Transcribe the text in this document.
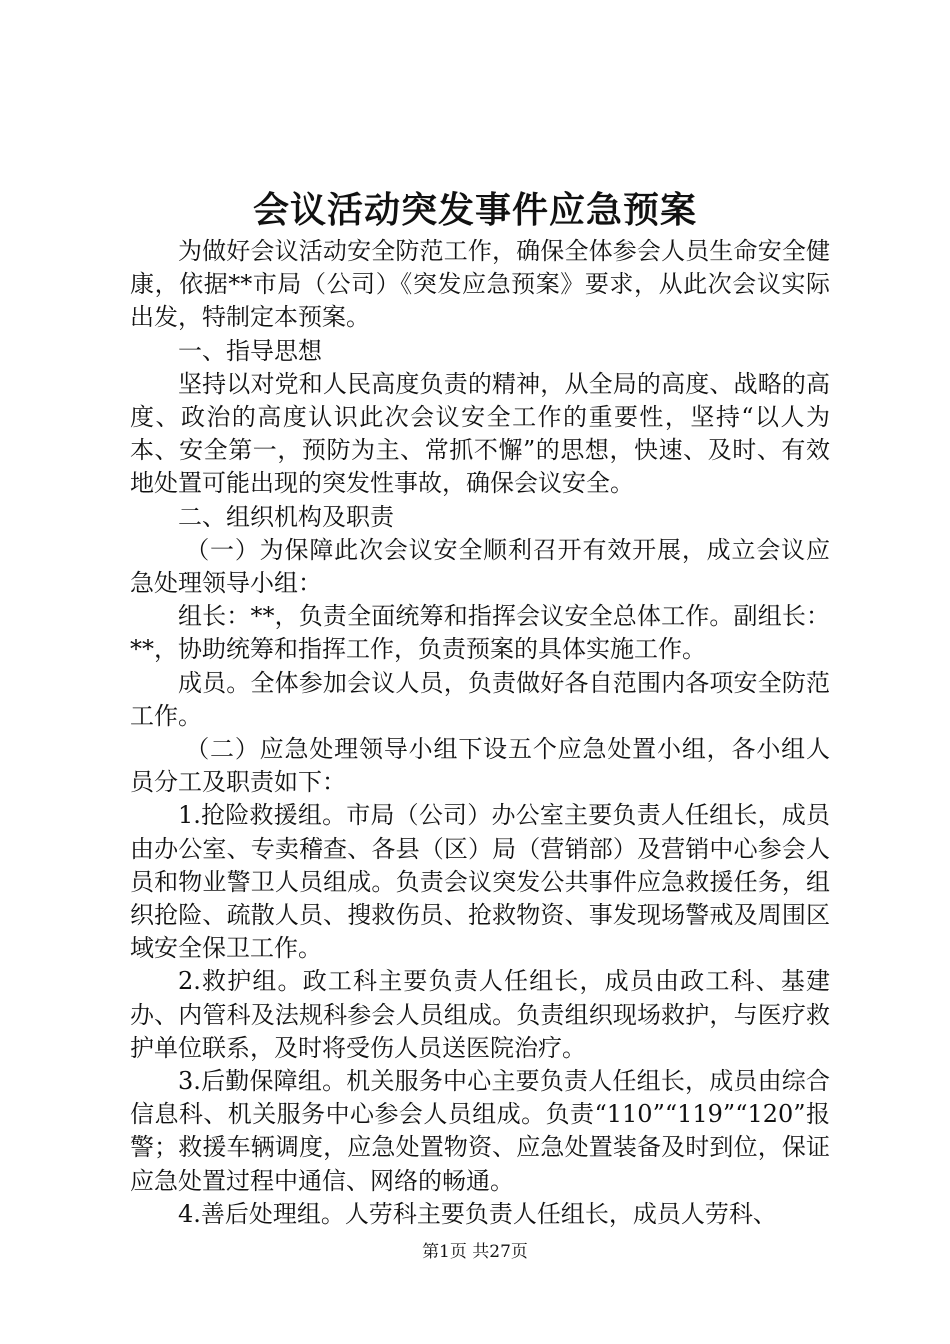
会议活动突发事件应急预案

为做好会议活动安全防范工作，确保全体参会人员生命安全健康，依据**市局（公司）《突发应急预案》要求，从此次会议实际出发，特制定本预案。

一、指导思想

坚持以对党和人民高度负责的精神，从全局的高度、战略的高度、政治的高度认识此次会议安全工作的重要性，坚持“以人为本、安全第一，预防为主、常抓不懈”的思想，快速、及时、有效地处置可能出现的突发性事故，确保会议安全。

二、组织机构及职责

（一）为保障此次会议安全顺利召开有效开展，成立会议应急处理领导小组：

组长：**，负责全面统筹和指挥会议安全总体工作。副组长：**，协助统筹和指挥工作，负责预案的具体实施工作。

成员。全体参加会议人员，负责做好各自范围内各项安全防范工作。

（二）应急处理领导小组下设五个应急处置小组，各小组人员分工及职责如下：

1.抢险救援组。市局（公司）办公室主要负责人任组长，成员由办公室、专卖稽查、各县（区）局（营销部）及营销中心参会人员和物业警卫人员组成。负责会议突发公共事件应急救援任务，组织抢险、疏散人员、搜救伤员、抢救物资、事发现场警戒及周围区域安全保卫工作。

2.救护组。政工科主要负责人任组长，成员由政工科、基建办、内管科及法规科参会人员组成。负责组织现场救护，与医疗救护单位联系，及时将受伤人员送医院治疗。

3.后勤保障组。机关服务中心主要负责人任组长，成员由综合信息科、机关服务中心参会人员组成。负责“110”“119”“120”报警；救援车辆调度，应急处置物资、应急处置装备及时到位，保证应急处置过程中通信、网络的畅通。

4.善后处理组。人劳科主要负责人任组长，成员人劳科、

第1页 共27页
